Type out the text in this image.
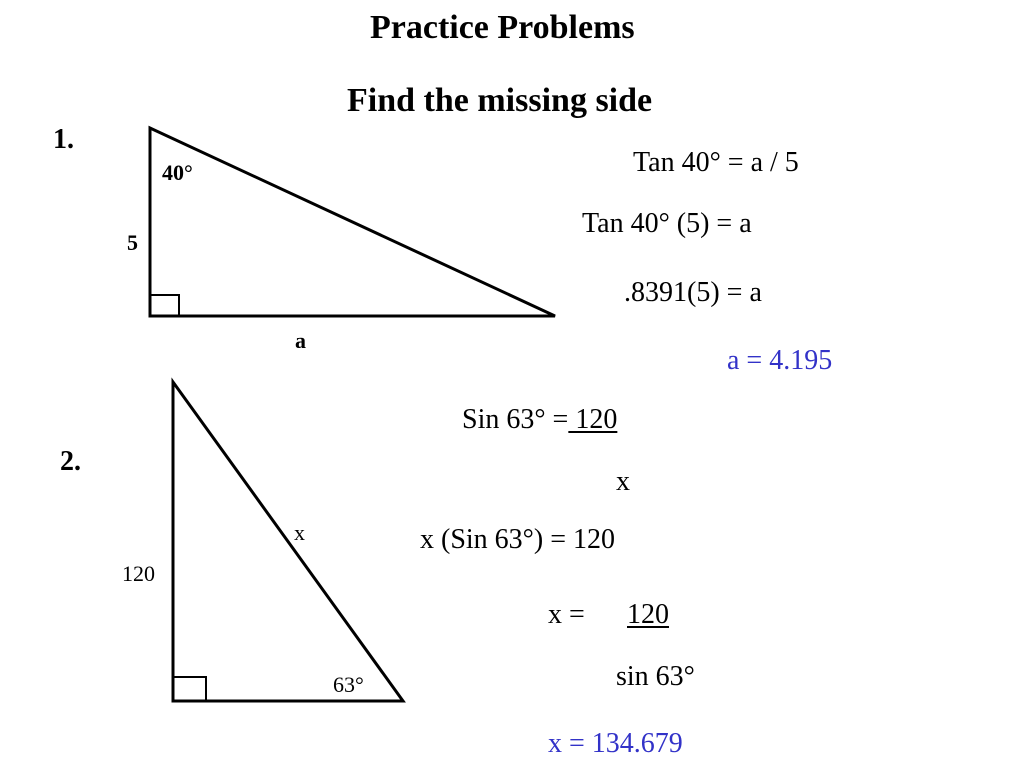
Practice Problems
Find the missing side
1.
40°
5
a
Tan 40° = a / 5
Tan 40° (5) = a
.8391(5) = a
a = 4.195
2.
x
120
63°
Sin 63° = 120
x
x (Sin 63°) = 120
x = 120
sin 63°
x = 134.679
